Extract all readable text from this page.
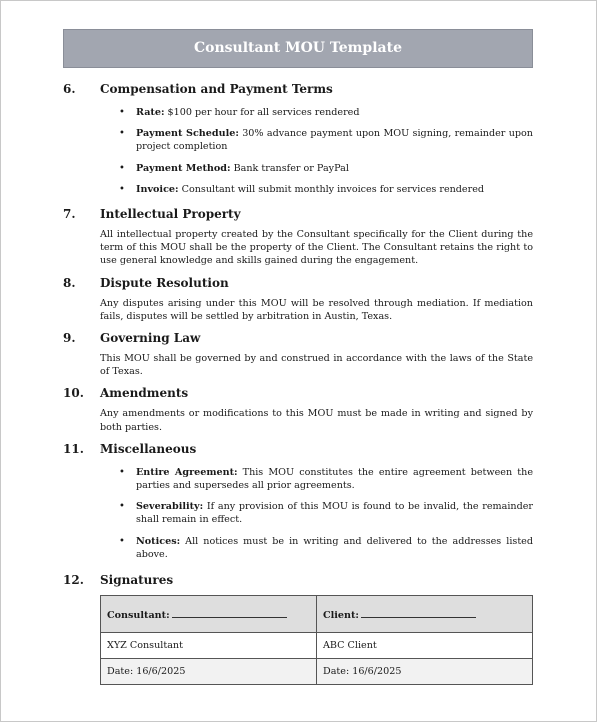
Consultant MOU Template
6.	Compensation and Payment Terms
• Rate: $100 per hour for all services rendered
• Payment Schedule: 30% advance payment upon MOU signing, remainder upon project completion
• Payment Method: Bank transfer or PayPal
• Invoice: Consultant will submit monthly invoices for services rendered
7.	Intellectual Property
All intellectual property created by the Consultant specifically for the Client during the term of this MOU shall be the property of the Client. The Consultant retains the right to use general knowledge and skills gained during the engagement.
8.	Dispute Resolution
Any disputes arising under this MOU will be resolved through mediation. If mediation fails, disputes will be settled by arbitration in Austin, Texas.
9.	Governing Law
This MOU shall be governed by and construed in accordance with the laws of the State of Texas.
10.	Amendments
Any amendments or modifications to this MOU must be made in writing and signed by both parties.
11.	Miscellaneous
• Entire Agreement: This MOU constitutes the entire agreement between the parties and supersedes all prior agreements.
• Severability: If any provision of this MOU is found to be invalid, the remainder shall remain in effect.
• Notices: All notices must be in writing and delivered to the addresses listed above.
12.	Signatures
Consultant:	Client:
XYZ Consultant	ABC Client
Date: 16/6/2025	Date: 16/6/2025
